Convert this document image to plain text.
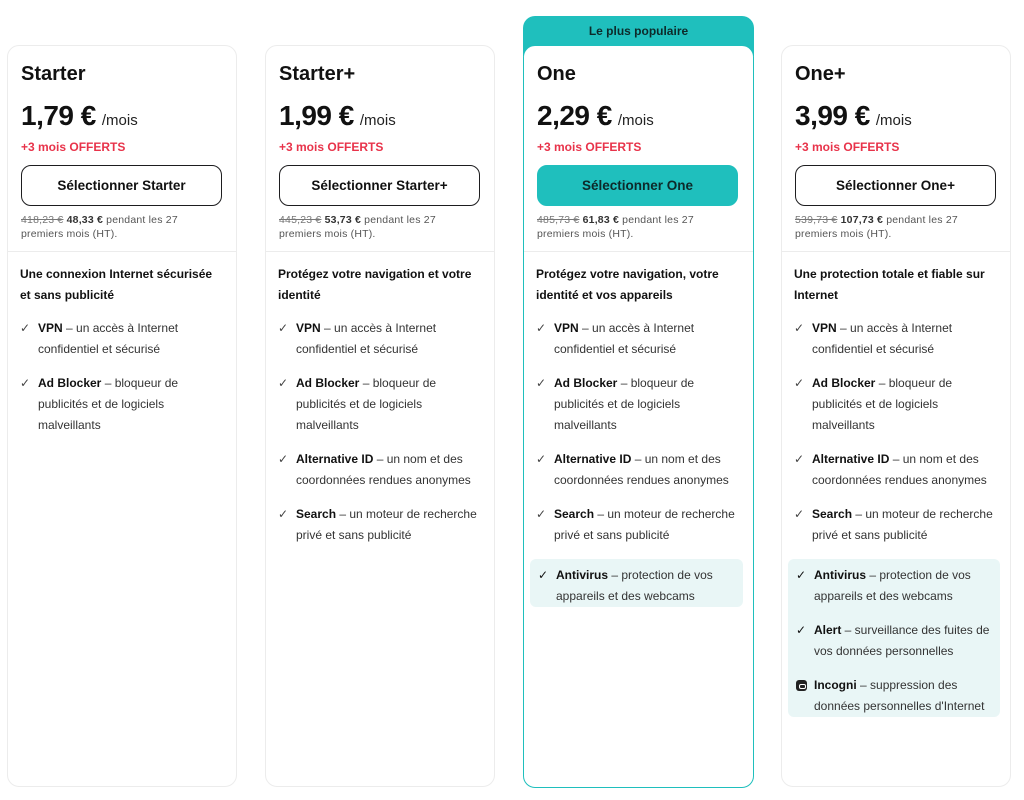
Le plus populaire
Starter
1,79 € /mois
+3 mois OFFERTS
Sélectionner Starter
418,23 € 48,33 € pendant les 27 premiers mois (HT).
Une connexion Internet sécurisée et sans publicité
✓ VPN – un accès à Internet confidentiel et sécurisé
✓ Ad Blocker – bloqueur de publicités et de logiciels malveillants
Starter+
1,99 € /mois
+3 mois OFFERTS
Sélectionner Starter+
445,23 € 53,73 € pendant les 27 premiers mois (HT).
Protégez votre navigation et votre identité
✓ VPN – un accès à Internet confidentiel et sécurisé
✓ Ad Blocker – bloqueur de publicités et de logiciels malveillants
✓ Alternative ID – un nom et des coordonnées rendues anonymes
✓ Search – un moteur de recherche privé et sans publicité
One
2,29 € /mois
+3 mois OFFERTS
Sélectionner One
485,73 € 61,83 € pendant les 27 premiers mois (HT).
Protégez votre navigation, votre identité et vos appareils
✓ VPN – un accès à Internet confidentiel et sécurisé
✓ Ad Blocker – bloqueur de publicités et de logiciels malveillants
✓ Alternative ID – un nom et des coordonnées rendues anonymes
✓ Search – un moteur de recherche privé et sans publicité
✓ Antivirus – protection de vos appareils et des webcams
One+
3,99 € /mois
+3 mois OFFERTS
Sélectionner One+
539,73 € 107,73 € pendant les 27 premiers mois (HT).
Une protection totale et fiable sur Internet
✓ VPN – un accès à Internet confidentiel et sécurisé
✓ Ad Blocker – bloqueur de publicités et de logiciels malveillants
✓ Alternative ID – un nom et des coordonnées rendues anonymes
✓ Search – un moteur de recherche privé et sans publicité
✓ Antivirus – protection de vos appareils et des webcams
✓ Alert – surveillance des fuites de vos données personnelles
Incogni – suppression des données personnelles d'Internet
